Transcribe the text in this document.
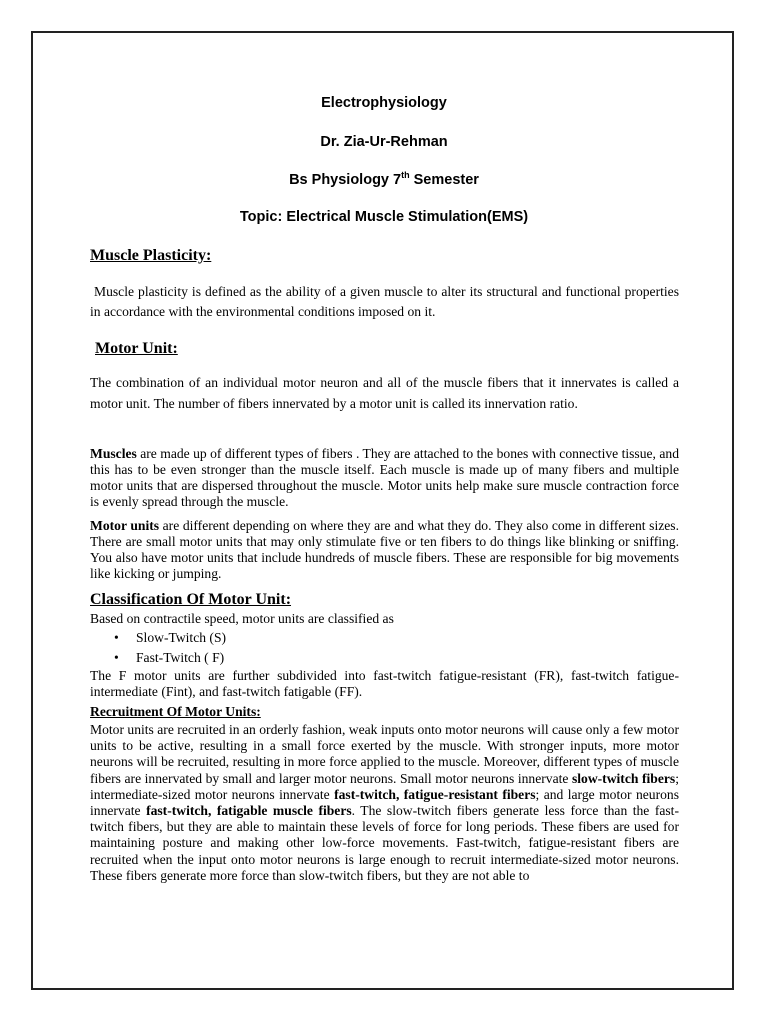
Electrophysiology
Dr. Zia-Ur-Rehman
Bs Physiology 7th Semester
Topic: Electrical Muscle Stimulation(EMS)
Muscle Plasticity:

Muscle plasticity is defined as the ability of a given muscle to alter its structural and functional properties in accordance with the environmental conditions imposed on it.

Motor Unit:

The combination of an individual motor neuron and all of the muscle fibers that it innervates is called a motor unit. The number of fibers innervated by a motor unit is called its innervation ratio.

Muscles are made up of different types of fibers . They are attached to the bones with connective tissue, and this has to be even stronger than the muscle itself. Each muscle is made up of many fibers and multiple motor units that are dispersed throughout the muscle. Motor units help make sure muscle contraction force is evenly spread through the muscle.

Motor units are different depending on where they are and what they do. They also come in different sizes. There are small motor units that may only stimulate five or ten fibers to do things like blinking or sniffing. You also have motor units that include hundreds of muscle fibers. These are responsible for big movements like kicking or jumping.

Classification Of Motor Unit:

Based on contractile speed, motor units are classified as

• Slow-Twitch (S)
• Fast-Twitch ( F)

The F motor units are further subdivided into fast-twitch fatigue-resistant (FR), fast-twitch fatigue-intermediate (Fint), and fast-twitch fatigable (FF).

Recruitment Of Motor Units:

Motor units are recruited in an orderly fashion, weak inputs onto motor neurons will cause only a few motor units to be active, resulting in a small force exerted by the muscle. With stronger inputs, more motor neurons will be recruited, resulting in more force applied to the muscle. Moreover, different types of muscle fibers are innervated by small and larger motor neurons. Small motor neurons innervate slow-twitch fibers; intermediate-sized motor neurons innervate fast-twitch, fatigue-resistant fibers; and large motor neurons innervate fast-twitch, fatigable muscle fibers. The slow-twitch fibers generate less force than the fast-twitch fibers, but they are able to maintain these levels of force for long periods. These fibers are used for maintaining posture and making other low-force movements. Fast-twitch, fatigue-resistant fibers are recruited when the input onto motor neurons is large enough to recruit intermediate-sized motor neurons. These fibers generate more force than slow-twitch fibers, but they are not able to
